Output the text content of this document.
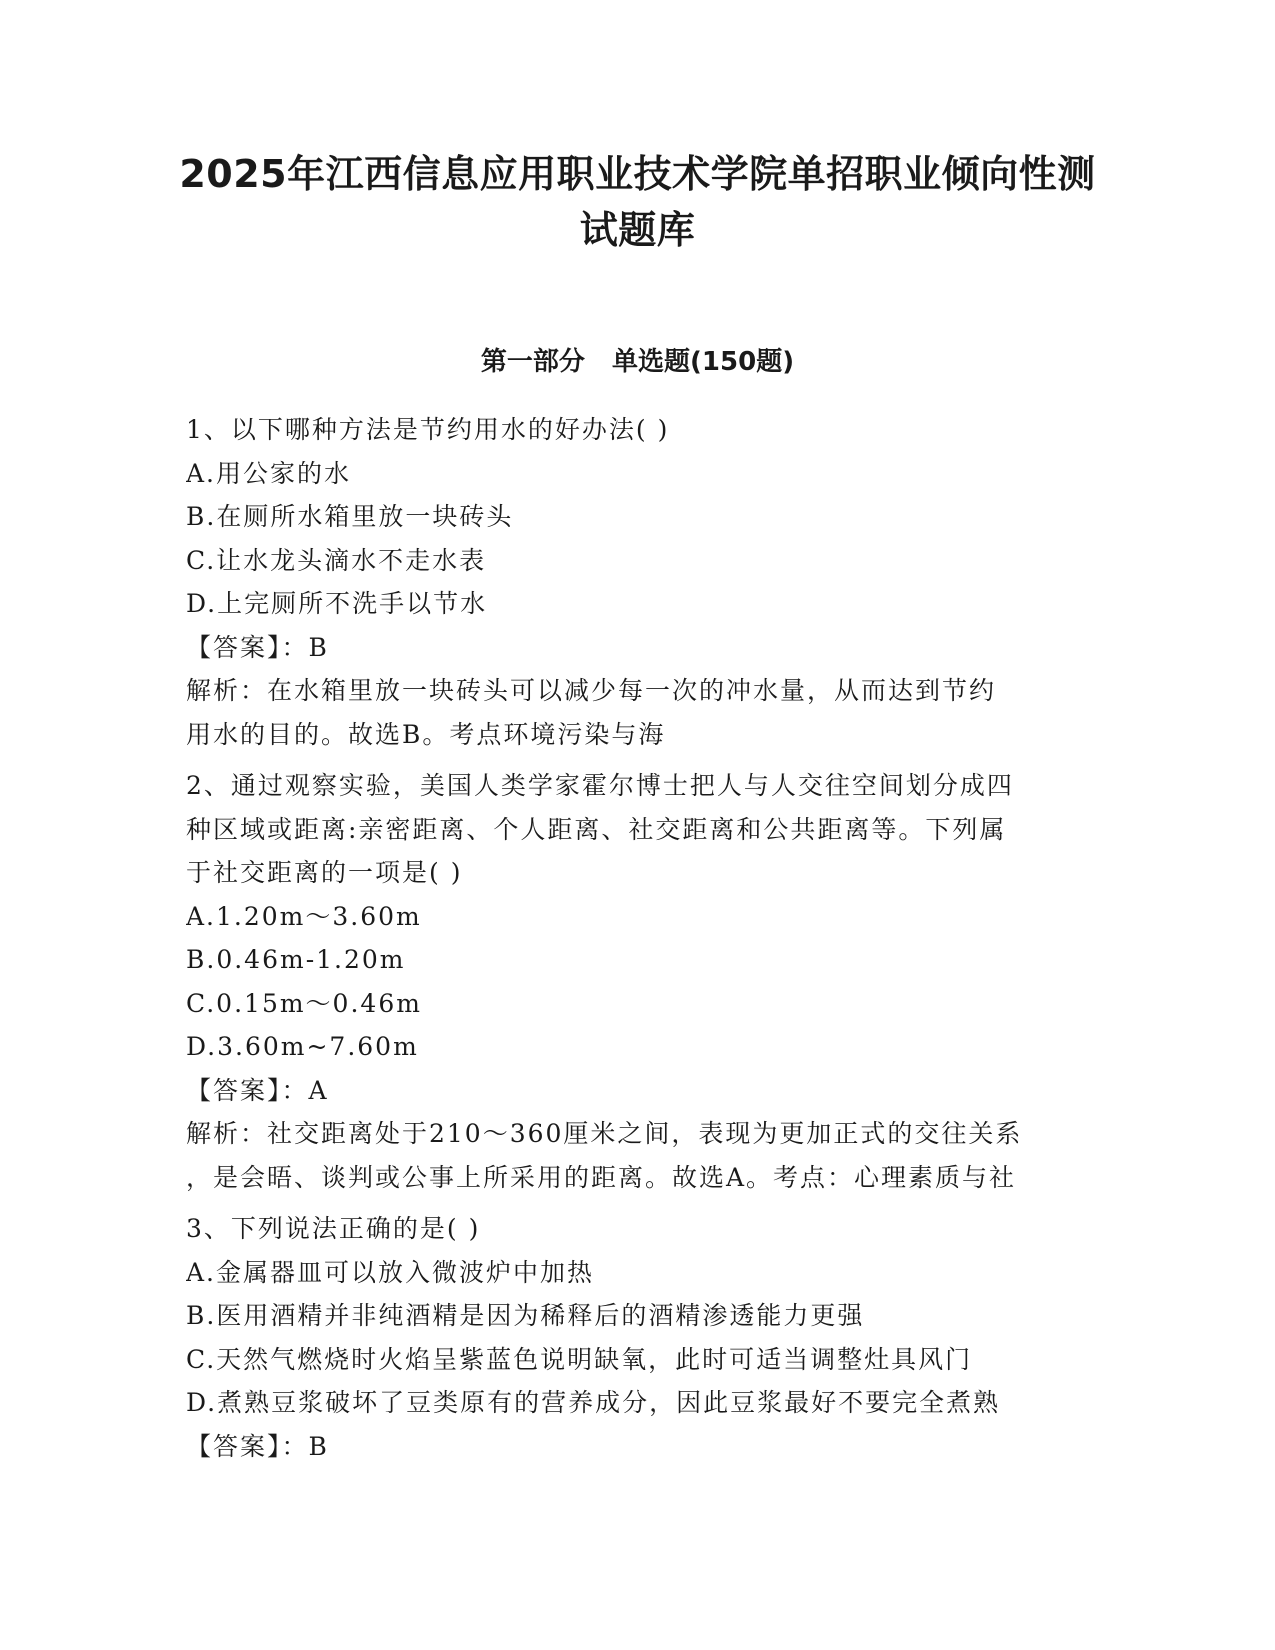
2025年江西信息应用职业技术学院单招职业倾向性测
试题库
第一部分   单选题(150题)
1、以下哪种方法是节约用水的好办法( )
A.用公家的水
B.在厕所水箱里放一块砖头
C.让水龙头滴水不走水表
D.上完厕所不洗手以节水
【答案】：B
解析：在水箱里放一块砖头可以减少每一次的冲水量，从而达到节约
用水的目的。故选B。考点环境污染与海
2、通过观察实验，美国人类学家霍尔博士把人与人交往空间划分成四
种区域或距离:亲密距离、个人距离、社交距离和公共距离等。下列属
于社交距离的一项是( )
A.1.20m～3.60m
B.0.46m-1.20m
C.0.15m～0.46m
D.3.60m~7.60m
【答案】：A
解析：社交距离处于210～360厘米之间，表现为更加正式的交往关系
，是会晤、谈判或公事上所采用的距离。故选A。考点：心理素质与社
3、下列说法正确的是( )
A.金属器皿可以放入微波炉中加热
B.医用酒精并非纯酒精是因为稀释后的酒精渗透能力更强
C.天然气燃烧时火焰呈紫蓝色说明缺氧，此时可适当调整灶具风门
D.煮熟豆浆破坏了豆类原有的营养成分，因此豆浆最好不要完全煮熟
【答案】：B
